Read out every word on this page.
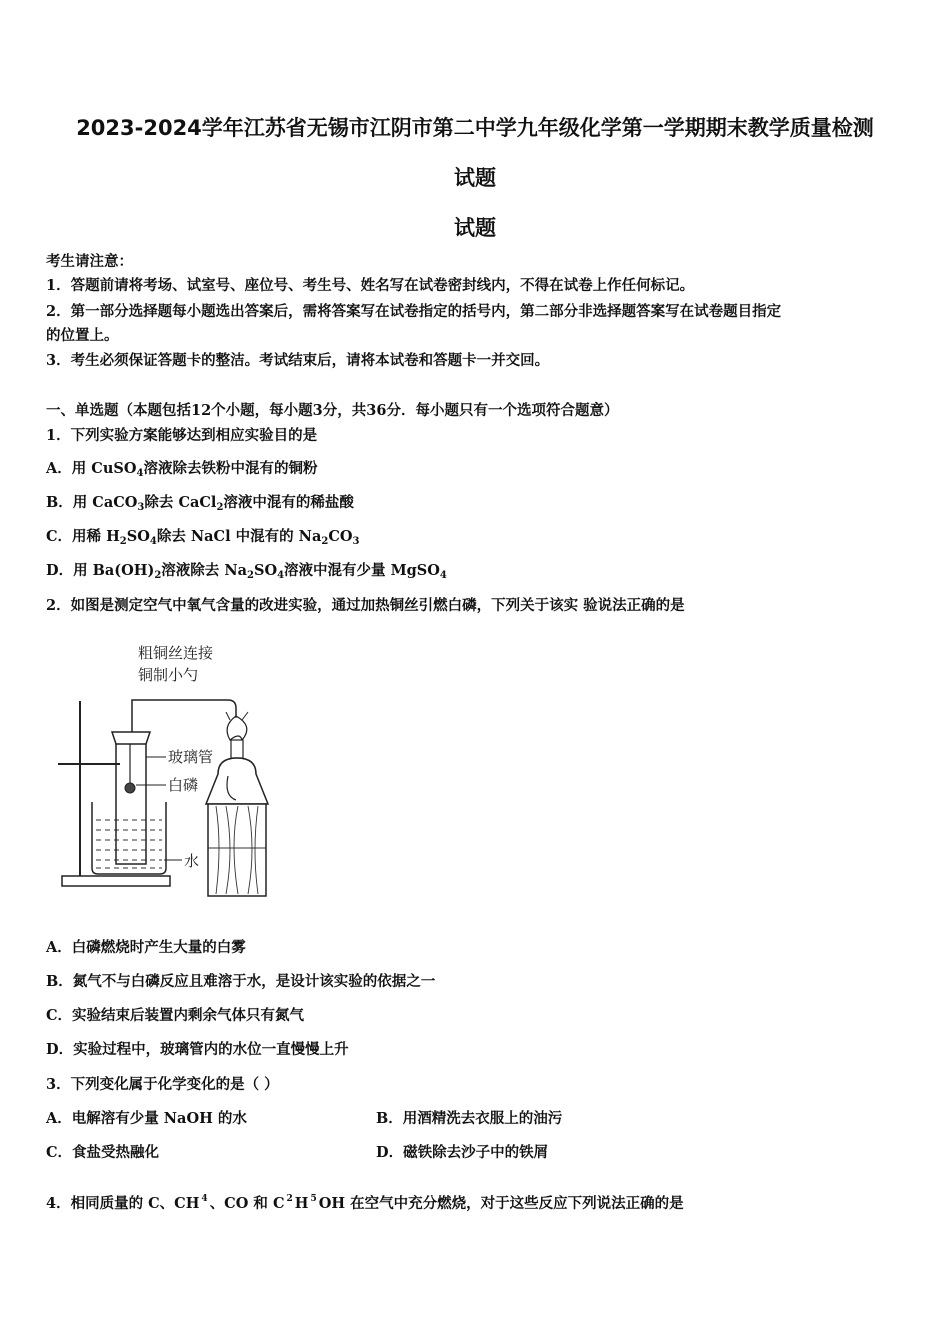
2023-2024学年江苏省无锡市江阴市第二中学九年级化学第一学期期末教学质量检测
试题
试题
考生请注意：
1．答题前请将考场、试室号、座位号、考生号、姓名写在试卷密封线内，不得在试卷上作任何标记。
2．第一部分选择题每小题选出答案后，需将答案写在试卷指定的括号内，第二部分非选择题答案写在试卷题目指定
的位置上。
3．考生必须保证答题卡的整洁。考试结束后，请将本试卷和答题卡一并交回。
一、单选题（本题包括12个小题，每小题3分，共36分．每小题只有一个选项符合题意）
1．下列实验方案能够达到相应实验目的是
A．用 CuSO$_4$溶液除去铁粉中混有的铜粉
B．用 CaCO$_3$除去 CaCl$_2$溶液中混有的稀盐酸
C．用稀 $H_2SO_4$除去 NaCl 中混有的 $Na_2CO_3$
D．用 $Ba(OH)_2$溶液除去 $Na_2SO_4$溶液中混有少量 MgSO$_4$
2．如图是测定空气中氧气含量的改进实验，通过加热铜丝引燃白磷，下列关于该实 验说法正确的是
粗铜丝连接
铜制小勺
玻璃管
白磷
水
A．白磷燃烧时产生大量的白雾
B．氮气不与白磷反应且难溶于水，是设计该实验的依据之一
C．实验结束后装置内剩余气体只有氮气
D．实验过程中，玻璃管内的水位一直慢慢上升
3．下列变化属于化学变化的是（ ）
A．电解溶有少量 NaOH 的水	B．用酒精洗去衣服上的油污
C．食盐受热融化	D．磁铁除去沙子中的铁屑
4．相同质量的 C、CH $^4$ 、CO 和 C $^2$ H $^5$ OH 在空气中充分燃烧，对于这些反应下列说法正确的是
